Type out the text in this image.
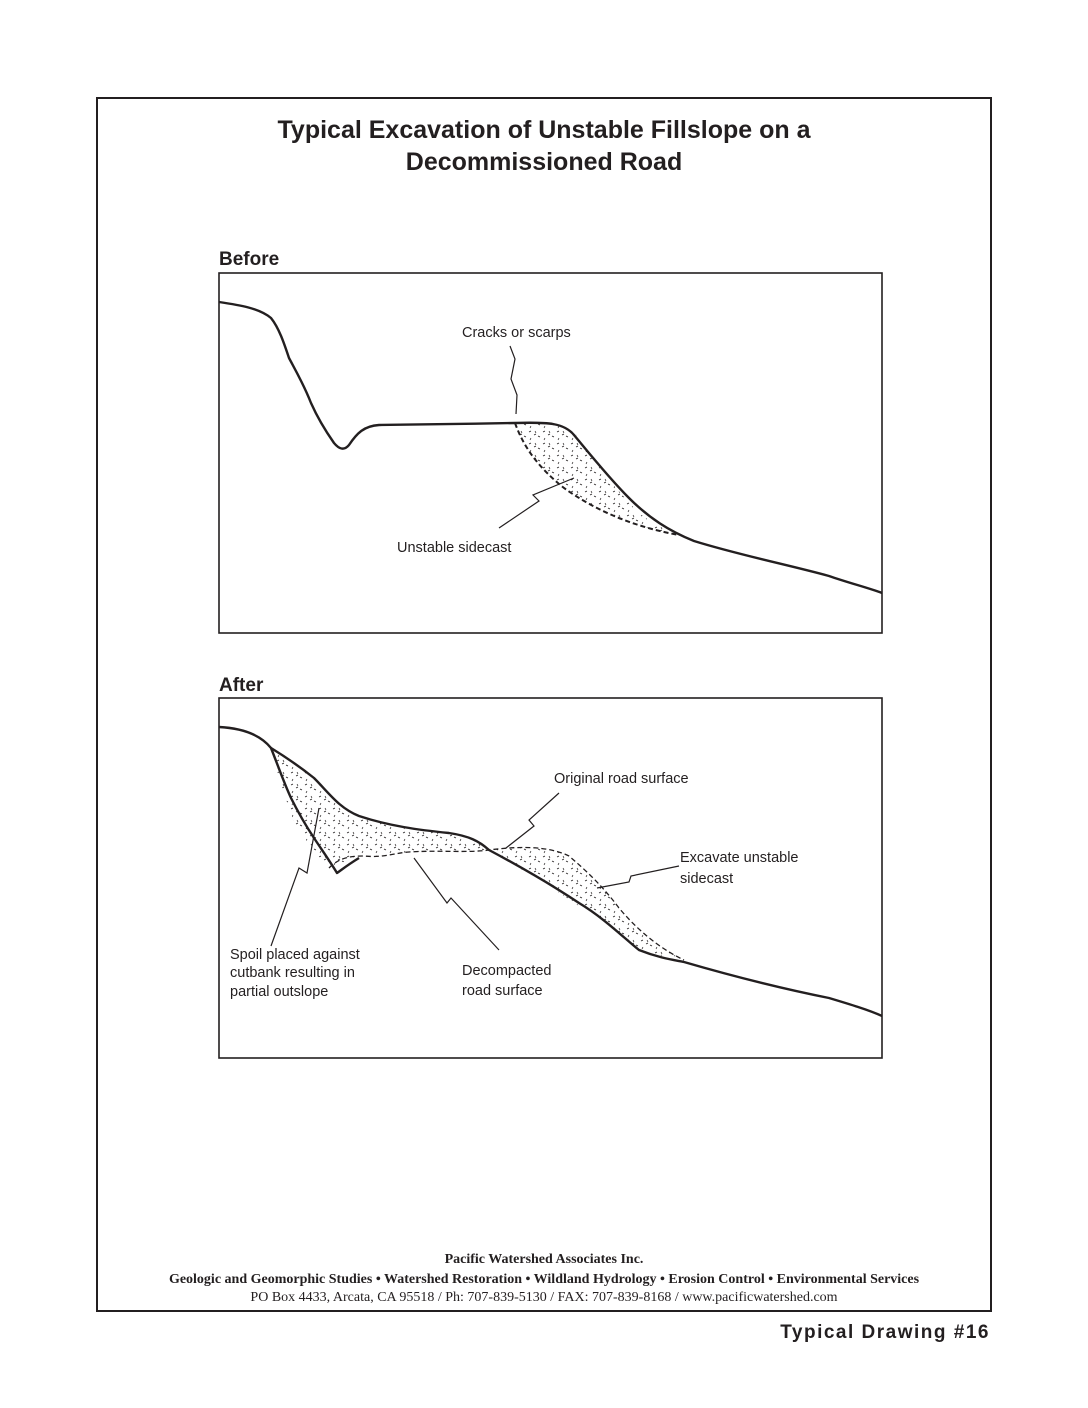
Typical Excavation of Unstable Fillslope on a
Decommissioned Road
Before
Cracks or scarps
Unstable sidecast
After
Original road surface
Excavate unstable
sidecast
Spoil placed against
cutbank resulting in
partial outslope
Decompacted
road surface
Pacific Watershed Associates Inc.
Geologic and Geomorphic Studies • Watershed Restoration • Wildland Hydrology • Erosion Control • Environmental Services
PO Box 4433, Arcata, CA 95518 / Ph: 707-839-5130 / FAX: 707-839-8168 / www.pacificwatershed.com
Typical Drawing #16
